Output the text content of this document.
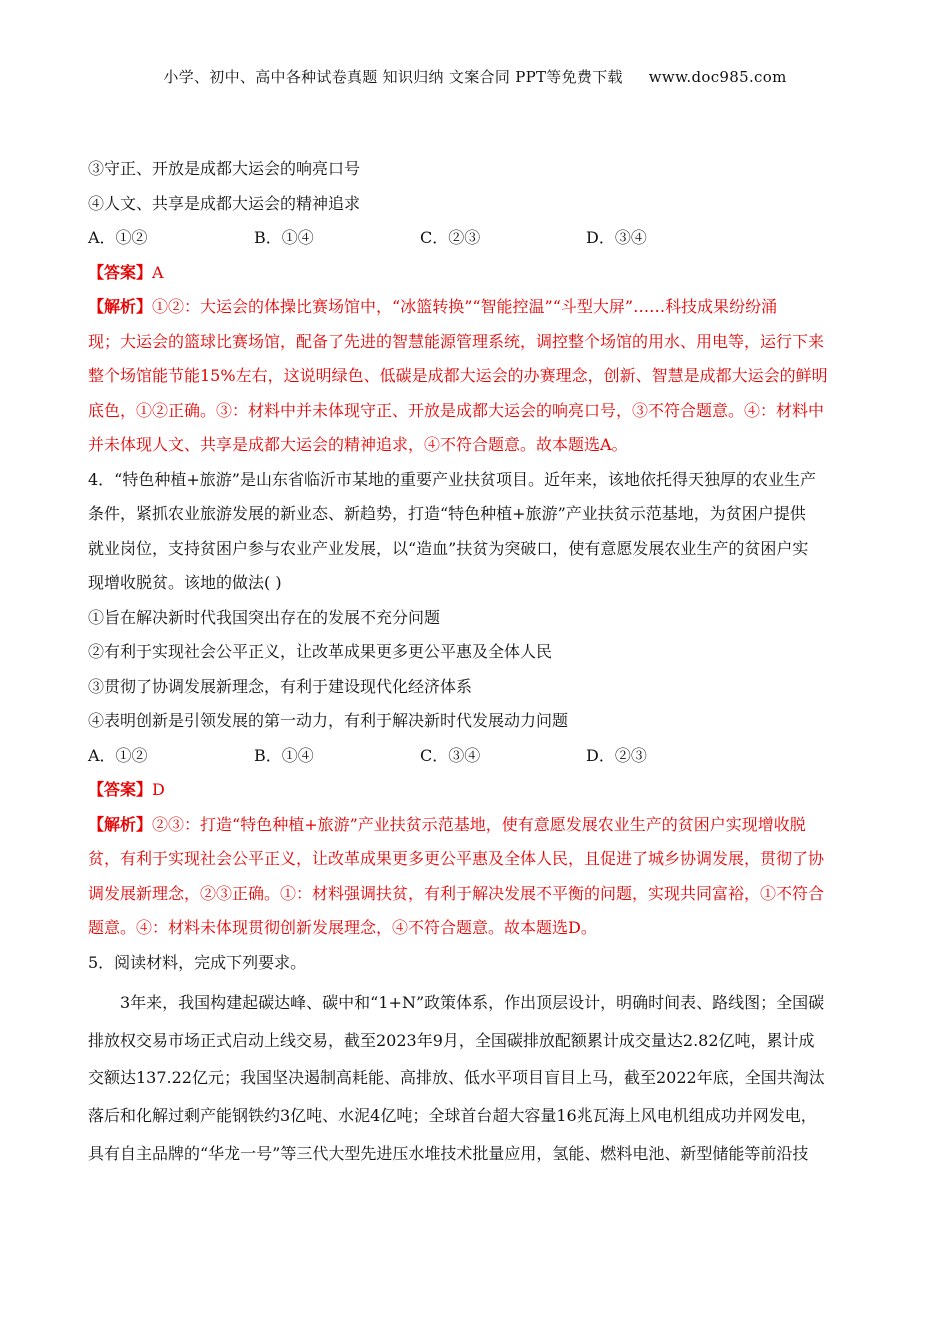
小学、初中、高中各种试卷真题 知识归纳 文案合同 PPT等免费下载 www.doc985.com
③守正、开放是成都大运会的响亮口号
④人文、共享是成都大运会的精神追求
A．①②	B．①④	C．②③	D．③④
【答案】A
【解析】①②：大运会的体操比赛场馆中，“冰篮转换”“智能控温”“斗型大屏”……科技成果纷纷涌
现；大运会的篮球比赛场馆，配备了先进的智慧能源管理系统，调控整个场馆的用水、用电等，运行下来
整个场馆能节能15%左右，这说明绿色、低碳是成都大运会的办赛理念，创新、智慧是成都大运会的鲜明
底色，①②正确。③：材料中并未体现守正、开放是成都大运会的响亮口号，③不符合题意。④：材料中
并未体现人文、共享是成都大运会的精神追求，④不符合题意。故本题选A。
4．“特色种植+旅游”是山东省临沂市某地的重要产业扶贫项目。近年来，该地依托得天独厚的农业生产
条件，紧抓农业旅游发展的新业态、新趋势，打造“特色种植+旅游”产业扶贫示范基地，为贫困户提供
就业岗位，支持贫困户参与农业产业发展，以“造血”扶贫为突破口，使有意愿发展农业生产的贫困户实
现增收脱贫。该地的做法( )
①旨在解决新时代我国突出存在的发展不充分问题
②有利于实现社会公平正义，让改革成果更多更公平惠及全体人民
③贯彻了协调发展新理念，有利于建设现代化经济体系
④表明创新是引领发展的第一动力，有利于解决新时代发展动力问题
A．①②	B．①④	C．③④	D．②③
【答案】D
【解析】②③：打造“特色种植+旅游”产业扶贫示范基地，使有意愿发展农业生产的贫困户实现增收脱
贫，有利于实现社会公平正义，让改革成果更多更公平惠及全体人民，且促进了城乡协调发展，贯彻了协
调发展新理念，②③正确。①：材料强调扶贫，有利于解决发展不平衡的问题，实现共同富裕，①不符合
题意。④：材料未体现贯彻创新发展理念，④不符合题意。故本题选D。
5．阅读材料，完成下列要求。
3年来，我国构建起碳达峰、碳中和“1+N”政策体系，作出顶层设计，明确时间表、路线图；全国碳
排放权交易市场正式启动上线交易，截至2023年9月，全国碳排放配额累计成交量达2.82亿吨，累计成
交额达137.22亿元；我国坚决遏制高耗能、高排放、低水平项目盲目上马，截至2022年底，全国共淘汰
落后和化解过剩产能钢铁约3亿吨、水泥4亿吨；全球首台超大容量16兆瓦海上风电机组成功并网发电，
具有自主品牌的“华龙一号”等三代大型先进压水堆技术批量应用，氢能、燃料电池、新型储能等前沿技
